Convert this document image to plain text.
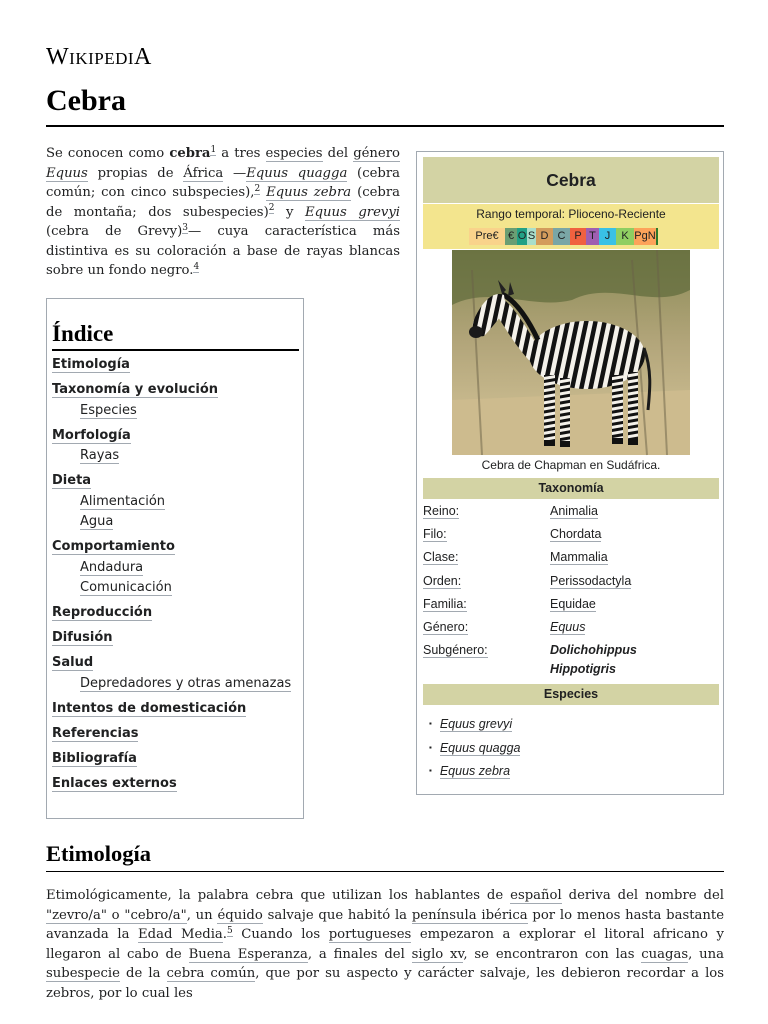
WikipediA
Cebra
Se conocen como cebra$^1$ a tres especies del género Equus propias de África —Equus quagga (cebra común; con cinco subspecies),$^2$ Equus zebra (cebra de montaña; dos subespecies)$^2$ y Equus grevyi (cebra de Grevy)$^3$— cuya característica más distintiva es su coloración a base de rayas blancas sobre un fondo negro.$^4$
Índice
Etimología
Taxonomía y evolución
Especies
Morfología
Rayas
Dieta
Alimentación
Agua
Comportamiento
Andadura
Comunicación
Reproducción
Difusión
Salud
Depredadores y otras amenazas
Intentos de domesticación
Referencias
Bibliografía
Enlaces externos
Cebra
Rango temporal: Plioceno-Reciente
Pre€ € O S D C P T J	K PgN
Cebra de Chapman en Sudáfrica.
Taxonomía
Reino:	Animalia
Filo:	Chordata
Clase:	Mammalia
Orden:	Perissodactyla
Familia:	Equidae
Género:	Equus
Subgénero:	Dolichohippus
Hippotigris
Especies
▪ Equus grevyi
▪ Equus quagga
▪ Equus zebra
Etimología
Etimológicamente, la palabra cebra que utilizan los hablantes de español deriva del nombre del "zevro/a" o "cebro/a", un équido salvaje que habitó la península ibérica por lo menos hasta bastante avanzada la Edad Media.$^5$ Cuando los portugueses empezaron a explorar el litoral africano y llegaron al cabo de Buena Esperanza, a finales del siglo xv, se encontraron con las cuagas, una subespecie de la cebra común, que por su aspecto y carácter salvaje, les debieron recordar a los zebros, por lo cual les
